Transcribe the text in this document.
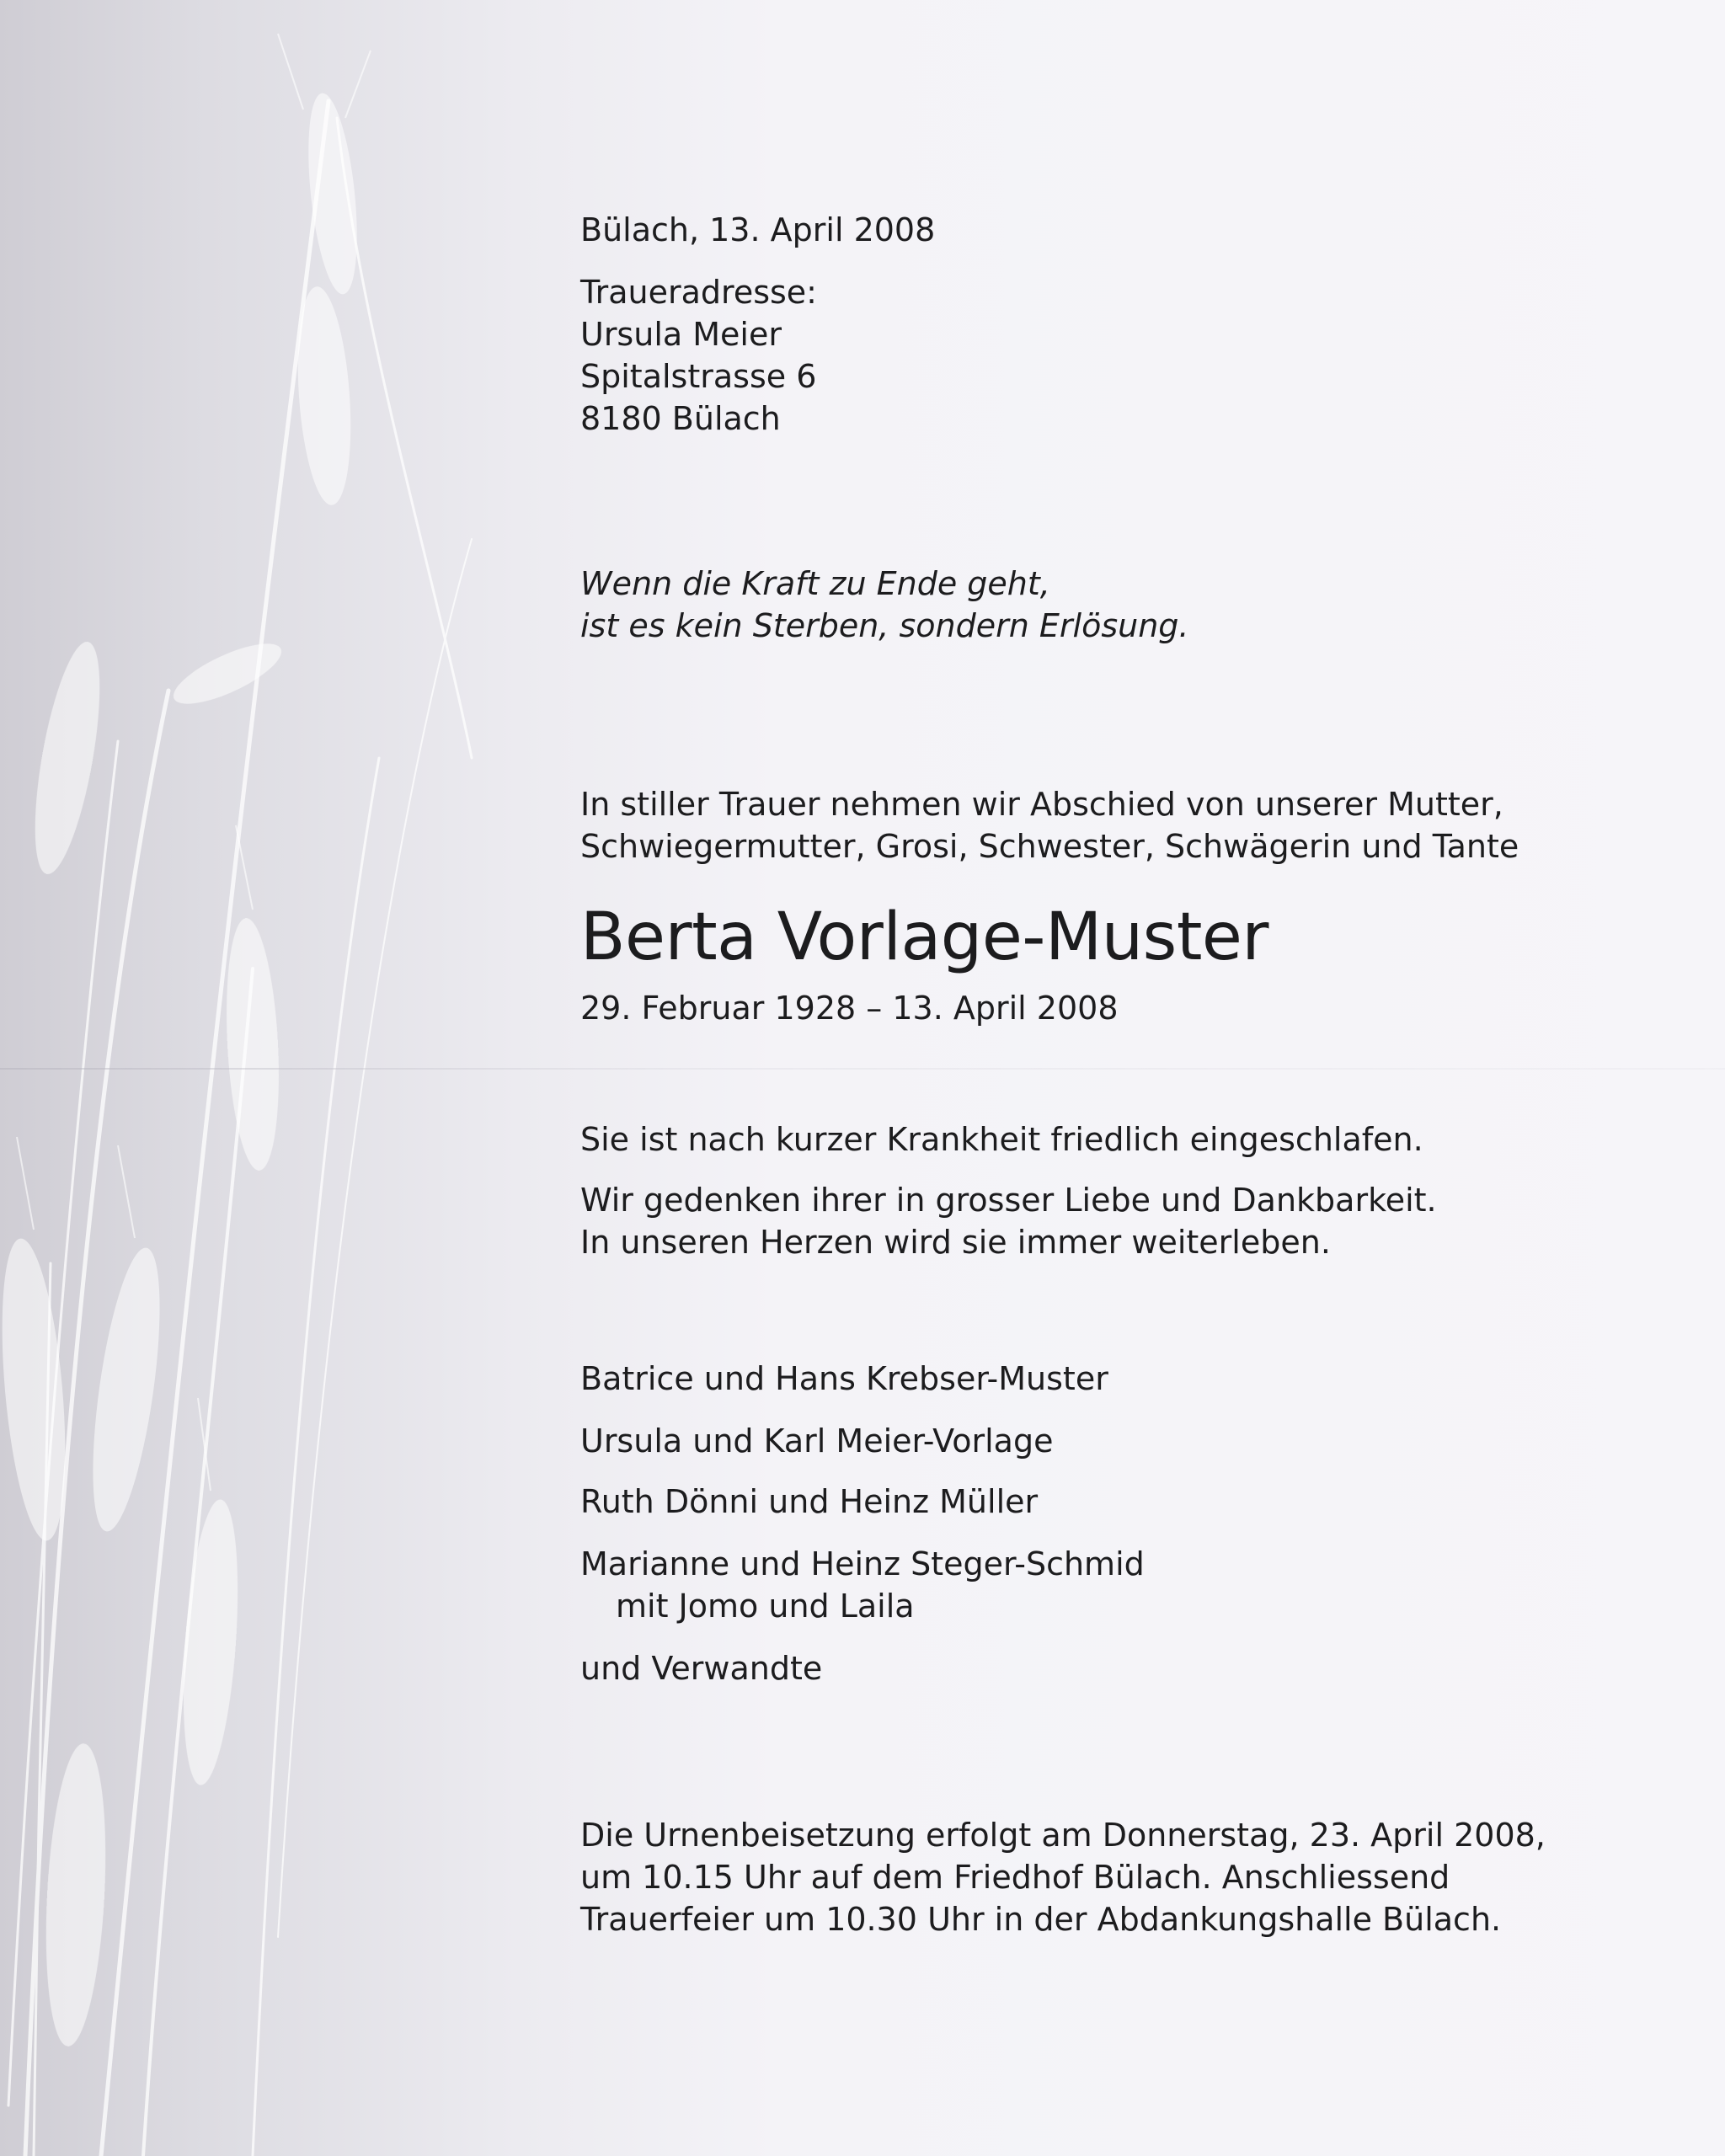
Bülach, 13. April 2008
Traueradresse:
Ursula Meier
Spitalstrasse 6
8180 Bülach
Wenn die Kraft zu Ende geht,
ist es kein Sterben, sondern Erlösung.
In stiller Trauer nehmen wir Abschied von unserer Mutter,
Schwiegermutter, Grosi, Schwester, Schwägerin und Tante
Berta Vorlage-Muster
29. Februar 1928 – 13. April 2008
Sie ist nach kurzer Krankheit friedlich eingeschlafen.
Wir gedenken ihrer in grosser Liebe und Dankbarkeit.
In unseren Herzen wird sie immer weiterleben.
Batrice und Hans Krebser-Muster
Ursula und Karl Meier-Vorlage
Ruth Dönni und Heinz Müller
Marianne und Heinz Steger-Schmid
mit Jomo und Laila
und Verwandte
Die Urnenbeisetzung erfolgt am Donnerstag, 23. April 2008,
um 10.15 Uhr auf dem Friedhof Bülach. Anschliessend
Trauerfeier um 10.30 Uhr in der Abdankungshalle Bülach.
